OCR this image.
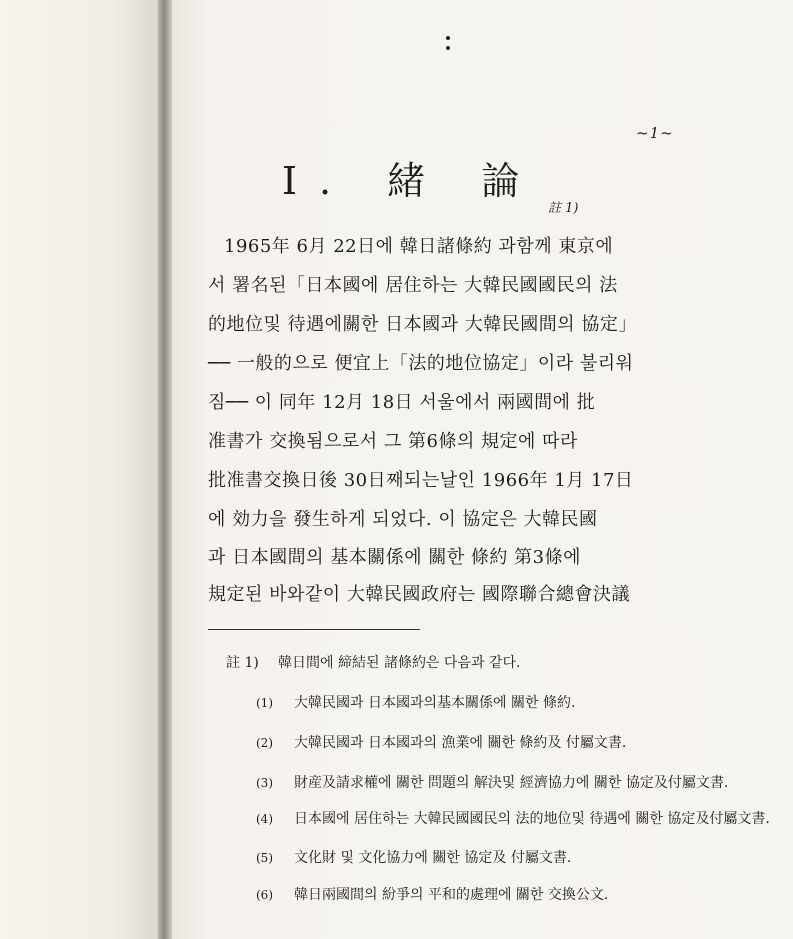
~1~
I. 緒 論
註 1)
1965年 6月 22日에 韓日諸條約 과함께 東京에
서 署名된「日本國에 居住하는 大韓民國國民의 法
的地位및 待遇에關한 日本國과 大韓民國間의 協定」
── 一般的으로 便宜上「法的地位協定」이라 불리워
짐── 이 同年 12月 18日 서울에서 兩國間에 批
准書가 交換됨으로서 그 第6條의 規定에 따라
批准書交換日後 30日째되는날인 1966年 1月 17日
에 効力을 發生하게 되었다. 이 協定은 大韓民國
과 日本國間의 基本關係에 關한 條約 第3條에
規定된 바와같이 大韓民國政府는 國際聯合總會決議
註 1) 韓日間에 締結된 諸條約은 다음과 같다.
(1) 大韓民國과 日本國과의基本關係에 關한 條約.
(2) 大韓民國과 日本國과의 漁業에 關한 條約及 付屬文書.
(3) 財産及請求權에 關한 問題의 解決및 經濟協力에 關한 協定及付屬文書.
(4) 日本國에 居住하는 大韓民國國民의 法的地位및 待遇에 關한 協定及付屬文書.
(5) 文化財 및 文化協力에 關한 協定及 付屬文書.
(6) 韓日兩國間의 紛爭의 平和的處理에 關한 交換公文.
